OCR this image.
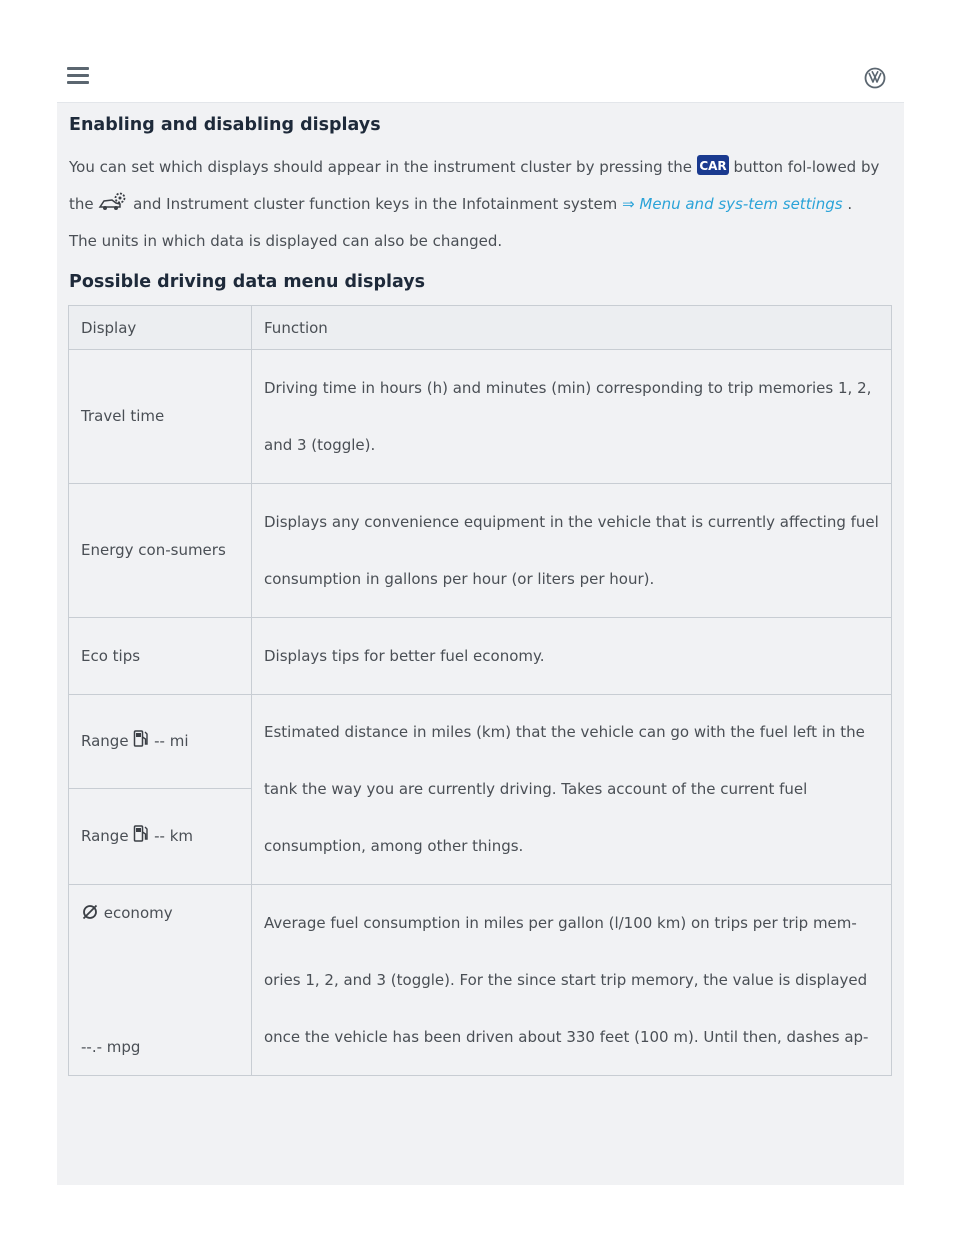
Enabling and disabling displays

You can set which displays should appear in the instrument cluster by pressing the CAR button fol-lowed by the  and Instrument cluster function keys in the Infotainment system ⇒ Menu and sys-tem settings . The units in which data is displayed can also be changed.

Possible driving data menu displays
Display	Function
Travel time	Driving time in hours (h) and minutes (min) corresponding to trip memories 1, 2, and 3 (toggle).
Energy con-sumers	Displays any convenience equipment in the vehicle that is currently affecting fuel consumption in gallons per hour (or liters per hour).
Eco tips	Displays tips for better fuel economy.
Range -- mi	Estimated distance in miles (km) that the vehicle can go with the fuel left in the tank the way you are currently driving. Takes account of the current fuel consumption, among other things.
Range -- km	

economy
--.- mpg	Average fuel consumption in miles per gallon (l/100 km) on trips per trip mem-ories 1, 2, and 3 (toggle). For the since start trip memory, the value is displayed once the vehicle has been driven about 330 feet (100 m). Until then, dashes ap-
